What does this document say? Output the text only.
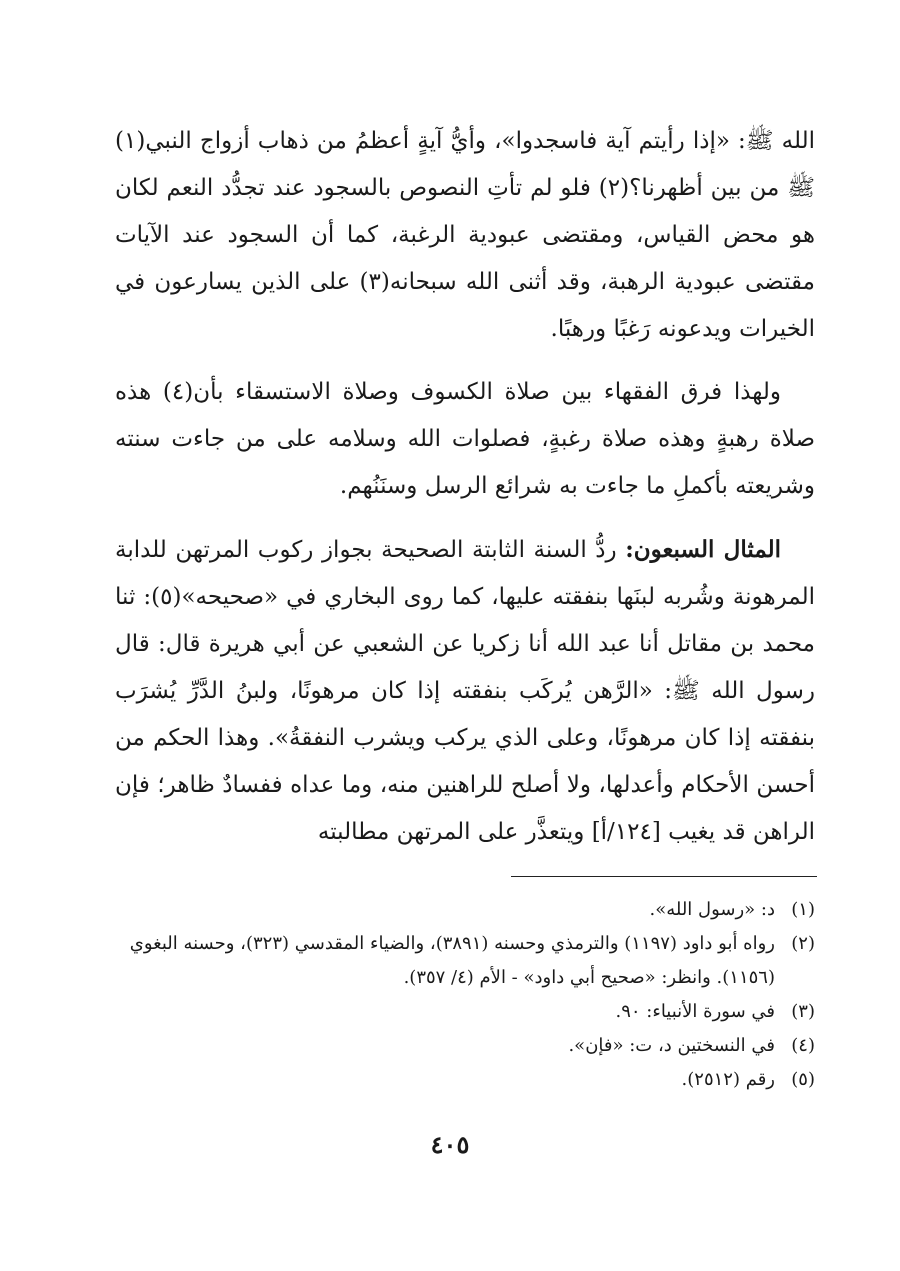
الله ﷺ: «إذا رأيتم آية فاسجدوا»، وأيُّ آيةٍ أعظمُ من ذهاب أزواج النبي(١) ﷺ من بين أظهرنا؟(٢) فلو لم تأتِ النصوص بالسجود عند تجدُّد النعم لكان هو محض القياس، ومقتضى عبودية الرغبة، كما أن السجود عند الآيات مقتضى عبودية الرهبة، وقد أثنى الله سبحانه(٣) على الذين يسارعون في الخيرات ويدعونه رَغبًا ورهبًا.

ولهذا فرق الفقهاء بين صلاة الكسوف وصلاة الاستسقاء بأن(٤) هذه صلاة رهبةٍ وهذه صلاة رغبةٍ، فصلوات الله وسلامه على من جاءت سنته وشريعته بأكملِ ما جاءت به شرائع الرسل وسنَنُهم.

المثال السبعون: ردُّ السنة الثابتة الصحيحة بجواز ركوب المرتهن للدابة المرهونة وشُربه لبنَها بنفقته عليها، كما روى البخاري في «صحيحه»(٥): ثنا محمد بن مقاتل أنا عبد الله أنا زكريا عن الشعبي عن أبي هريرة قال: قال رسول الله ﷺ: «الرَّهن يُركَب بنفقته إذا كان مرهونًا، ولبنُ الدَّرِّ يُشرَب بنفقته إذا كان مرهونًا، وعلى الذي يركب ويشرب النفقةُ». وهذا الحكم من أحسن الأحكام وأعدلها، ولا أصلح للراهنين منه، وما عداه ففسادٌ ظاهر؛ فإن الراهن قد يغيب [١٢٤/أ] ويتعذَّر على المرتهن مطالبته

(١)
د: «رسول الله».

(٢)
رواه أبو داود (١١٩٧) والترمذي وحسنه (٣٨٩١)، والضياء المقدسي (٣٢٣)، وحسنه البغوي (١١٥٦). وانظر: «صحيح أبي داود» - الأم (٤/ ٣٥٧).

(٣)
في سورة الأنبياء: ٩٠.

(٤)
في النسختين د، ت: «فإن».

(٥)
رقم (٢٥١٢).

٤٠٥
